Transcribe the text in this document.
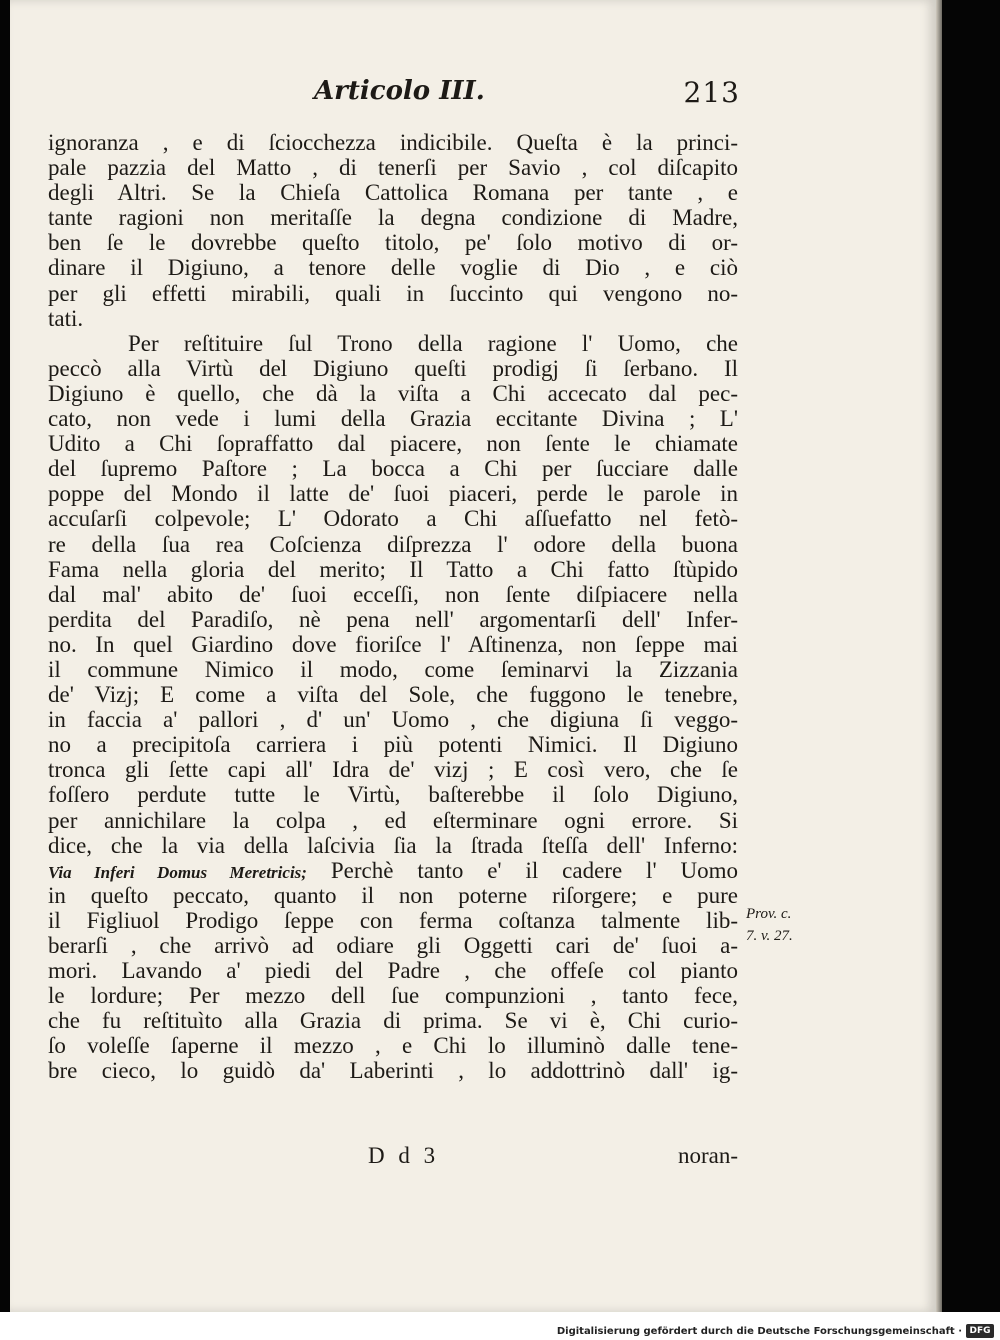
Articolo III.	213
ignoranza , e di ſciocchezza indicibile. Queſta è la princi-
pale pazzia del Matto , di tenerſi per Savio , col diſcapito
degli Altri. Se la Chieſa Cattolica Romana per tante , e
tante ragioni non meritaſſe la degna condizione di Madre,
ben ſe le dovrebbe queſto titolo, pe' ſolo motivo di or-
dinare il Digiuno, a tenore delle voglie di Dio , e ciò
per gli effetti mirabili, quali in ſuccinto qui vengono no-
tati.
Per reſtituire ſul Trono della ragione l' Uomo, che
peccò alla Virtù del Digiuno queſti prodigj ſi ſerbano. Il
Digiuno è quello, che dà la viſta a Chi accecato dal pec-
cato, non vede i lumi della Grazia eccitante Divina ; L'
Udito a Chi ſopraffatto dal piacere, non ſente le chiamate
del ſupremo Paſtore ; La bocca a Chi per ſucciare dalle
poppe del Mondo il latte de' ſuoi piaceri, perde le parole in
accuſarſi colpevole; L' Odorato a Chi aſſuefatto nel fetò-
re della ſua rea Coſcienza diſprezza l' odore della buona
Fama nella gloria del merito; Il Tatto a Chi fatto ſtùpido
dal mal' abito de' ſuoi ecceſſi, non ſente diſpiacere nella
perdita del Paradiſo, nè pena nell' argomentarſi dell' Infer-
no. In quel Giardino dove fioriſce l' Aſtinenza, non ſeppe mai
il commune Nimico il modo, come ſeminarvi la Zizzania
de' Vizj; E come a viſta del Sole, che fuggono le tenebre,
in faccia a' pallori , d' un' Uomo , che digiuna ſi veggo-
no a precipitoſa carriera i più potenti Nimici. Il Digiuno
tronca gli ſette capi all' Idra de' vizj ; E così vero, che ſe
foſſero perdute tutte le Virtù, baſterebbe il ſolo Digiuno,
per annichilare la colpa , ed eſterminare ogni errore. Si
dice, che la via della laſcivia ſia la ſtrada ſteſſa dell' Inferno:
Via Inferi Domus Meretricis; Perchè tanto e' il cadere l' Uomo
in queſto peccato, quanto il non poterne riſorgere; e pure
il Figliuol Prodigo ſeppe con ferma coſtanza talmente lib-
berarſi , che arrivò ad odiare gli Oggetti cari de' ſuoi a-
mori. Lavando a' piedi del Padre , che offeſe col pianto
le lordure; Per mezzo dell ſue compunzioni , tanto fece,
che fu reſtituìto alla Grazia di prima. Se vi è, Chi curio-
ſo voleſſe ſaperne il mezzo , e Chi lo illuminò dalle tene-
bre cieco, lo guidò da' Laberinti , lo addottrinò dall' ig-
Prov. c.
7. v. 27.
D d 3	noran-
Digitalisierung gefördert durch die Deutsche Forschungsgemeinschaft · DFG
